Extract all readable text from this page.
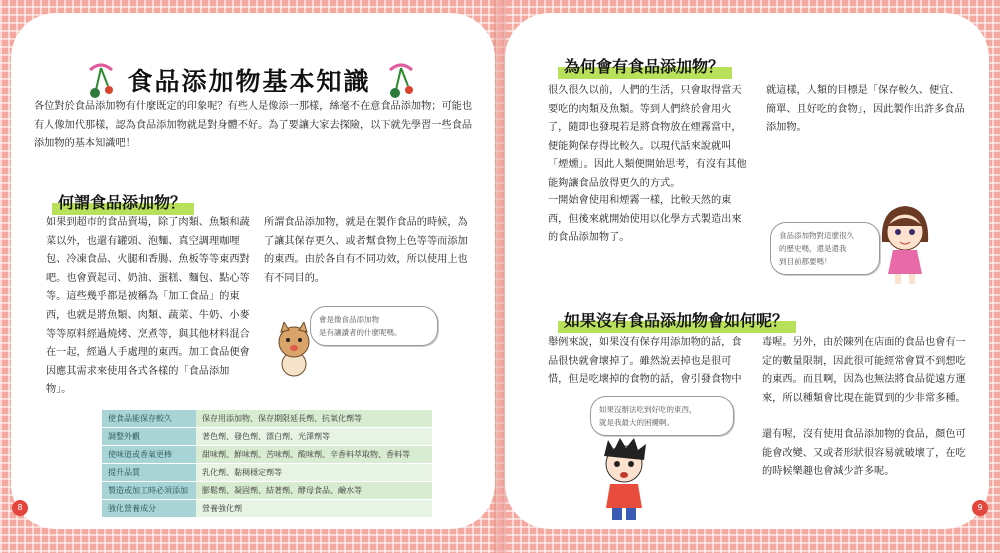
食品添加物基本知識

各位對於食品添加物有什麼既定的印象呢？有些人是像添一那樣，絲毫不在意食品添加物；可能也有人像加代那樣，認為食品添加物就是對身體不好。為了要讓大家去探險，以下就先學習一些食品添加物的基本知識吧！

何謂食品添加物？

如果到超市的食品賣場，除了肉類、魚類和蔬菜以外，也還有罐頭、泡麵、真空調理咖哩包、冷凍食品、火腿和香腸、魚板等等東西對吧。也會賣起司、奶油、蛋糕、麵包、點心等等。這些幾乎都是被稱為「加工食品」的東西，也就是將魚類、肉類、蔬菜、牛奶、小麥等等原料經過燒烤、烹煮等，與其他材料混合在一起，經過人手處理的東西。加工食品便會因應其需求來使用各式各樣的「食品添加物」。

所謂食品添加物，就是在製作食品的時候，為了讓其保存更久、或者幫食物上色等等而添加的東西。由於各自有不同功效，所以使用上也有不同目的。

會是像食品添加物
是有讓讀者的什麼呢嗎。
使食品能保存較久	保存用添加物、保存期限延長劑、抗氧化劑等
調整外觀	著色劑、發色劑、漂白劑、光澤劑等
使味道或香氣更棒	甜味劑、鮮味劑、苦味劑、酸味劑、辛香料萃取物、香料等
提升品質	乳化劑、黏稠穩定劑等
製造或加工時必須添加	膨鬆劑、凝固劑、結著劑、酵母食品、鹼水等
強化營養成分	營養強化劑
8
為何會有食品添加物？

很久很久以前，人們的生活，只會取得當天要吃的肉類及魚類。等到人們終於會用火了，隨即也發現若是將食物放在煙霧當中，便能夠保存得比較久。以現代話來說就叫「煙燻」。因此人類便開始思考，有沒有其他能夠讓食品放得更久的方式。

一開始會使用和煙霧一樣，比較天然的東西，但後來就開始使用以化學方式製造出來的食品添加物了。

就這樣，人類的目標是「保存較久、便宜、簡單、且好吃的食物」，因此製作出許多食品添加物。

食品添加物對這麼很久
的歷史嗎，還是還我
到目前都要嗎！
如果沒有食品添加物會如何呢？

舉例來說，如果沒有保存用添加物的話，食品很快就會壞掉了。雖然說丟掉也是很可惜，但是吃壞掉的食物的話，會引發食物中

毒喔。另外，由於陳列在店面的食品也會有一定的數量限制，因此很可能經常會買不到想吃的東西。而且啊，因為也無法將食品從遠方運來，所以種類會比現在能買到的少非常多種。

還有喔，沒有使用食品添加物的食品，顏色可能會改變、又或者形狀很容易就破壞了，在吃的時候樂趣也會減少許多呢。

如果沒辦法吃到好吃的東西，
就是我最大的困擾啊。
9
